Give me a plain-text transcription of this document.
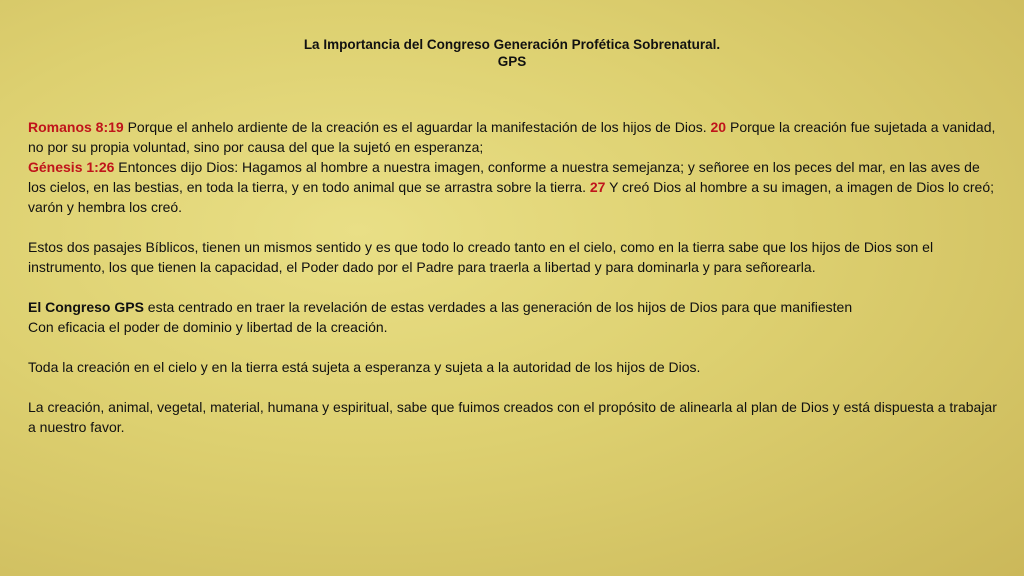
La Importancia del Congreso Generación Profética Sobrenatural.
GPS

Romanos 8:19 Porque el anhelo ardiente de la creación es el aguardar la manifestación de los hijos de Dios. 20 Porque la creación fue sujetada a vanidad, no por su propia voluntad, sino por causa del que la sujetó en esperanza;
Génesis 1:26 Entonces dijo Dios: Hagamos al hombre a nuestra imagen, conforme a nuestra semejanza; y señoree en los peces del mar, en las aves de los cielos, en las bestias, en toda la tierra, y en todo animal que se arrastra sobre la tierra. 27 Y creó Dios al hombre a su imagen, a imagen de Dios lo creó; varón y hembra los creó.

Estos dos pasajes Bíblicos, tienen un mismos sentido y es que todo lo creado tanto en el cielo, como en la tierra sabe que los hijos de Dios son el instrumento, los que tienen la capacidad, el Poder dado por el Padre para traerla a libertad y para dominarla y para señorearla.

El Congreso GPS esta centrado en traer la revelación de estas verdades a las generación de los hijos de Dios para que manifiesten
Con eficacia el poder de dominio y libertad de la creación.

Toda la creación en el cielo y en la tierra está sujeta a esperanza y sujeta a la autoridad de los hijos de Dios.

La creación, animal, vegetal, material, humana y espiritual, sabe que fuimos creados con el propósito de alinearla al plan de Dios y está dispuesta a trabajar a nuestro favor.
